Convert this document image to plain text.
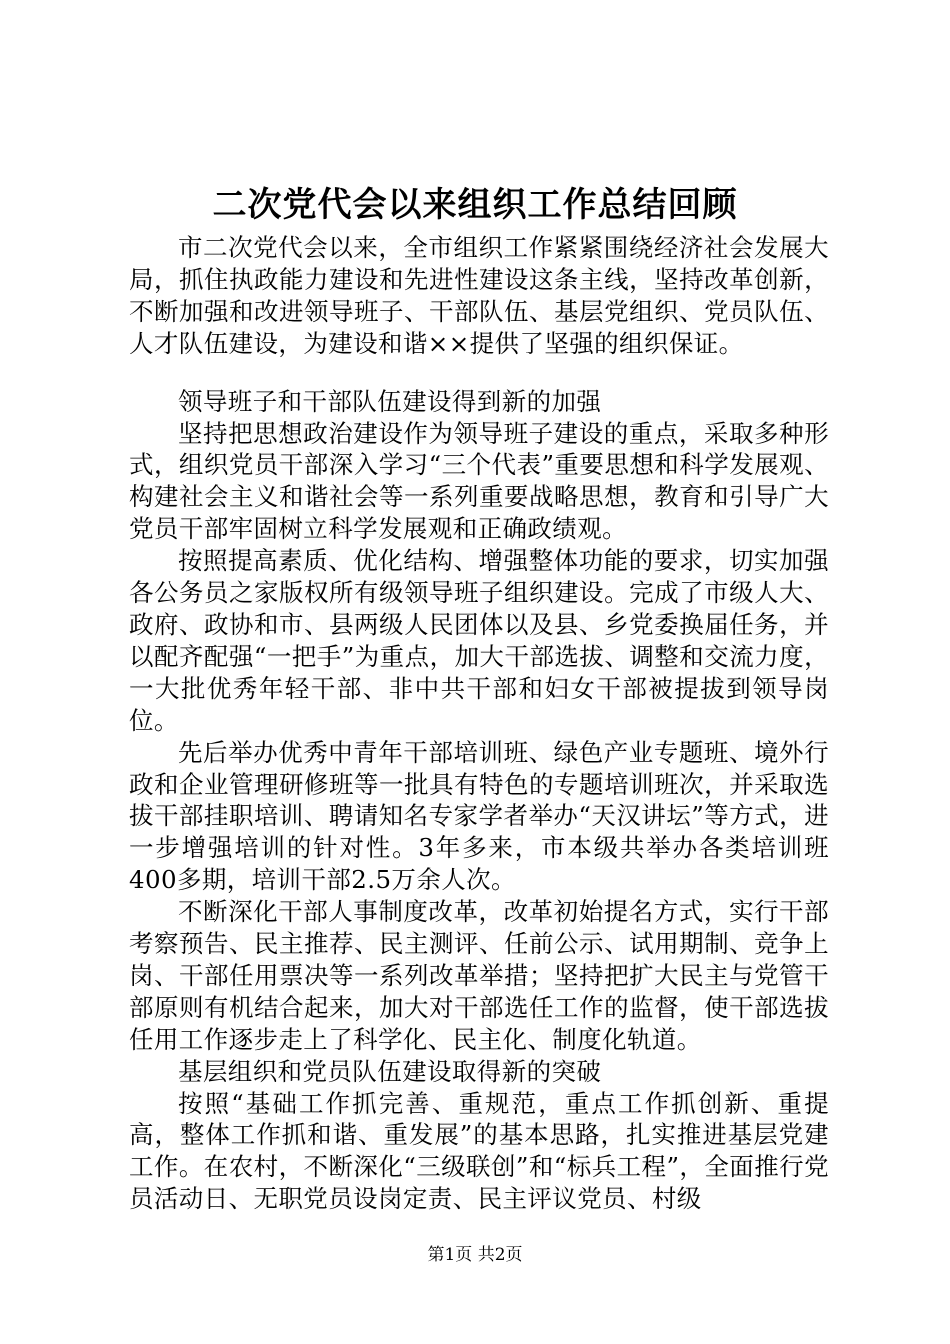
二次党代会以来组织工作总结回顾

市二次党代会以来，全市组织工作紧紧围绕经济社会发展大局，抓住执政能力建设和先进性建设这条主线，坚持改革创新，不断加强和改进领导班子、干部队伍、基层党组织、党员队伍、人才队伍建设，为建设和谐××提供了坚强的组织保证。

领导班子和干部队伍建设得到新的加强

坚持把思想政治建设作为领导班子建设的重点，采取多种形式，组织党员干部深入学习“三个代表”重要思想和科学发展观、构建社会主义和谐社会等一系列重要战略思想，教育和引导广大党员干部牢固树立科学发展观和正确政绩观。

按照提高素质、优化结构、增强整体功能的要求，切实加强各公务员之家版权所有级领导班子组织建设。完成了市级人大、政府、政协和市、县两级人民团体以及县、乡党委换届任务，并以配齐配强“一把手”为重点，加大干部选拔、调整和交流力度，一大批优秀年轻干部、非中共干部和妇女干部被提拔到领导岗位。

先后举办优秀中青年干部培训班、绿色产业专题班、境外行政和企业管理研修班等一批具有特色的专题培训班次，并采取选拔干部挂职培训、聘请知名专家学者举办“天汉讲坛”等方式，进一步增强培训的针对性。3年多来，市本级共举办各类培训班400多期，培训干部2.5万余人次。

不断深化干部人事制度改革，改革初始提名方式，实行干部考察预告、民主推荐、民主测评、任前公示、试用期制、竞争上岗、干部任用票决等一系列改革举措；坚持把扩大民主与党管干部原则有机结合起来，加大对干部选任工作的监督，使干部选拔任用工作逐步走上了科学化、民主化、制度化轨道。

基层组织和党员队伍建设取得新的突破

按照“基础工作抓完善、重规范，重点工作抓创新、重提高，整体工作抓和谐、重发展”的基本思路，扎实推进基层党建工作。在农村，不断深化“三级联创”和“标兵工程”，全面推行党员活动日、无职党员设岗定责、民主评议党员、村级

第1页 共2页
